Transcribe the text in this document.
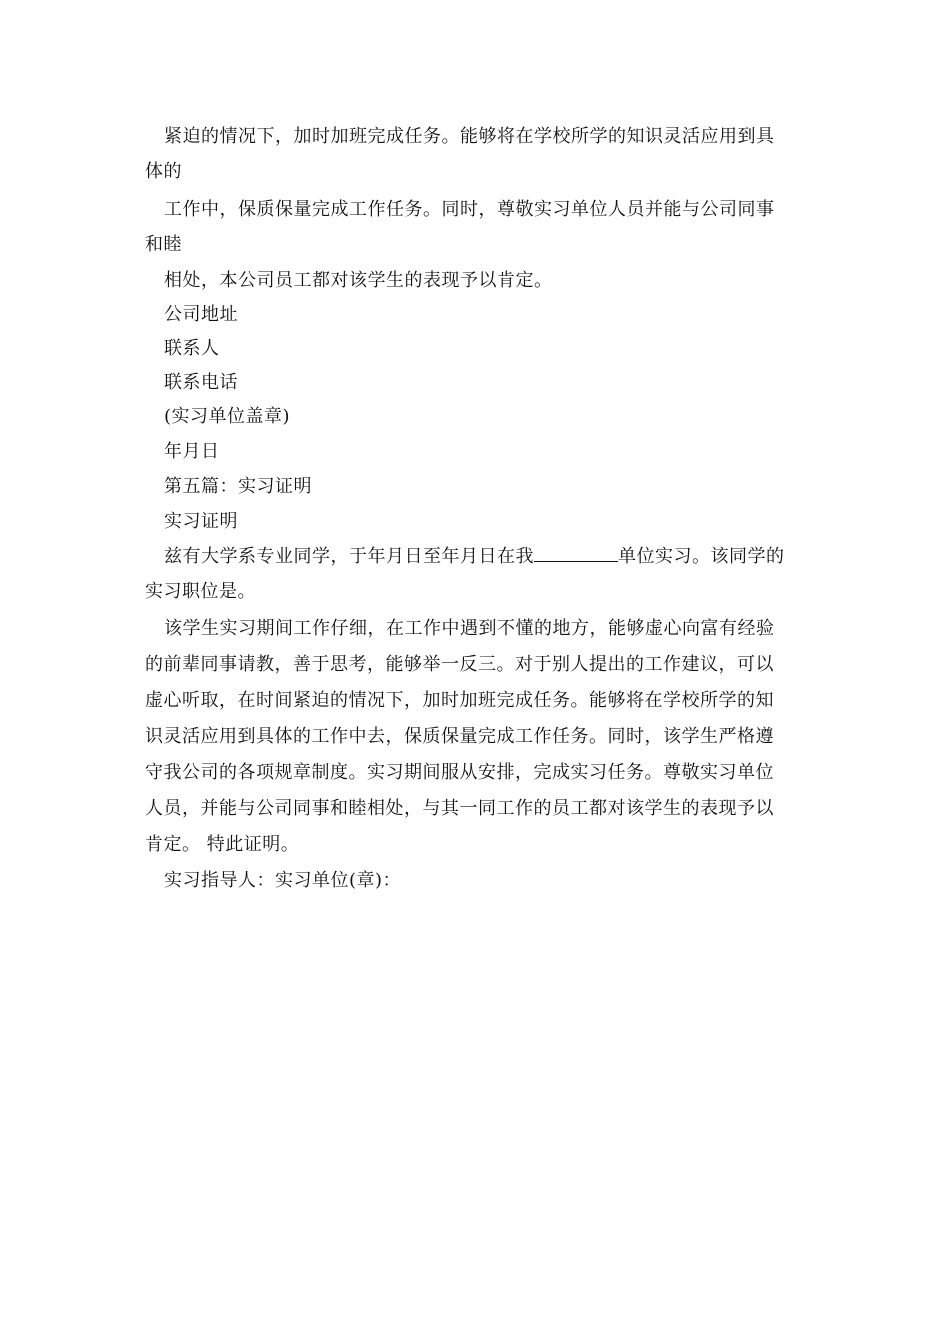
紧迫的情况下，加时加班完成任务。能够将在学校所学的知识灵活应用到具
体的
工作中，保质保量完成工作任务。同时，尊敬实习单位人员并能与公司同事
和睦
相处，本公司员工都对该学生的表现予以肯定。
公司地址
联系人
联系电话
(实习单位盖章)
年月日
第五篇：实习证明
实习证明
兹有大学系专业同学，于年月日至年月日在我	单位实习。该同学的
实习职位是。
该学生实习期间工作仔细，在工作中遇到不懂的地方，能够虚心向富有经验
的前辈同事请教，善于思考，能够举一反三。对于别人提出的工作建议，可以
虚心听取，在时间紧迫的情况下，加时加班完成任务。能够将在学校所学的知
识灵活应用到具体的工作中去，保质保量完成工作任务。同时，该学生严格遵
守我公司的各项规章制度。实习期间服从安排，完成实习任务。尊敬实习单位
人员，并能与公司同事和睦相处，与其一同工作的员工都对该学生的表现予以
肯定。 特此证明。
实习指导人：实习单位(章)：
